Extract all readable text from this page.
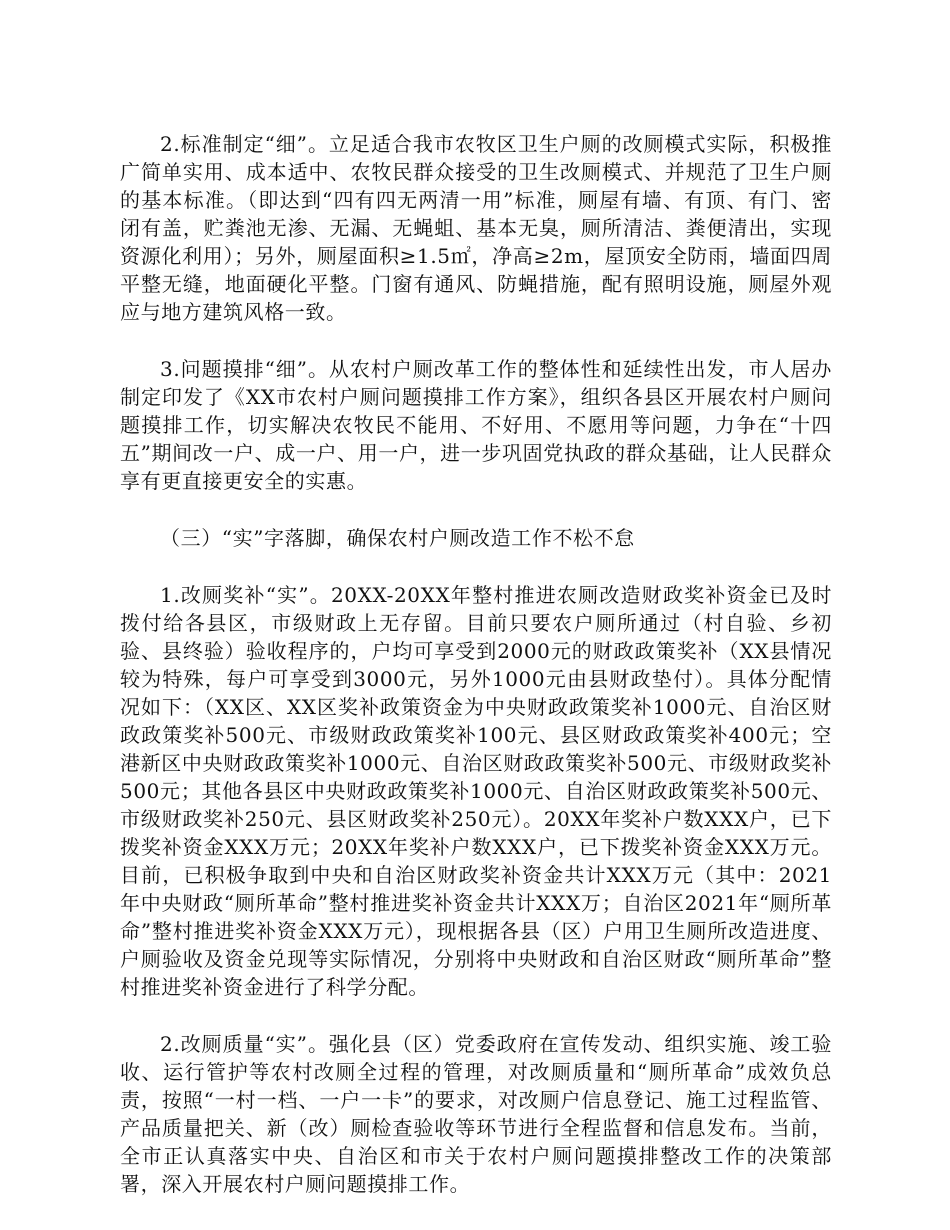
2.标准制定“细”。立足适合我市农牧区卫生户厕的改厕模式实际，积极推广简单实用、成本适中、农牧民群众接受的卫生改厕模式、并规范了卫生户厕的基本标准。（即达到“四有四无两清一用”标准，厕屋有墙、有顶、有门、密闭有盖，贮粪池无渗、无漏、无蝇蛆、基本无臭，厕所清洁、粪便清出，实现资源化利用）；另外，厕屋面积≥1.5㎡，净高≥2m，屋顶安全防雨，墙面四周平整无缝，地面硬化平整。门窗有通风、防蝇措施，配有照明设施，厕屋外观应与地方建筑风格一致。

3.问题摸排“细”。从农村户厕改革工作的整体性和延续性出发，市人居办制定印发了《XX市农村户厕问题摸排工作方案》，组织各县区开展农村户厕问题摸排工作，切实解决农牧民不能用、不好用、不愿用等问题，力争在“十四五”期间改一户、成一户、用一户，进一步巩固党执政的群众基础，让人民群众享有更直接更安全的实惠。

（三）“实”字落脚，确保农村户厕改造工作不松不怠

1.改厕奖补“实”。20XX-20XX年整村推进农厕改造财政奖补资金已及时拨付给各县区，市级财政上无存留。目前只要农户厕所通过（村自验、乡初验、县终验）验收程序的，户均可享受到2000元的财政政策奖补（XX县情况较为特殊，每户可享受到3000元，另外1000元由县财政垫付）。具体分配情况如下：（XX区、XX区奖补政策资金为中央财政政策奖补1000元、自治区财政政策奖补500元、市级财政政策奖补100元、县区财政政策奖补400元；空港新区中央财政政策奖补1000元、自治区财政政策奖补500元、市级财政奖补500元；其他各县区中央财政政策奖补1000元、自治区财政政策奖补500元、市级财政奖补250元、县区财政奖补250元）。20XX年奖补户数XXX户，已下拨奖补资金XXX万元；20XX年奖补户数XXX户，已下拨奖补资金XXX万元。目前，已积极争取到中央和自治区财政奖补资金共计XXX万元（其中：2021年中央财政“厕所革命”整村推进奖补资金共计XXX万；自治区2021年“厕所革命”整村推进奖补资金XXX万元），现根据各县（区）户用卫生厕所改造进度、户厕验收及资金兑现等实际情况，分别将中央财政和自治区财政“厕所革命”整村推进奖补资金进行了科学分配。

2.改厕质量“实”。强化县（区）党委政府在宣传发动、组织实施、竣工验收、运行管护等农村改厕全过程的管理，对改厕质量和“厕所革命”成效负总责，按照“一村一档、一户一卡”的要求，对改厕户信息登记、施工过程监管、产品质量把关、新（改）厕检查验收等环节进行全程监督和信息发布。当前，全市正认真落实中央、自治区和市关于农村户厕问题摸排整改工作的决策部署，深入开展农村户厕问题摸排工作。
